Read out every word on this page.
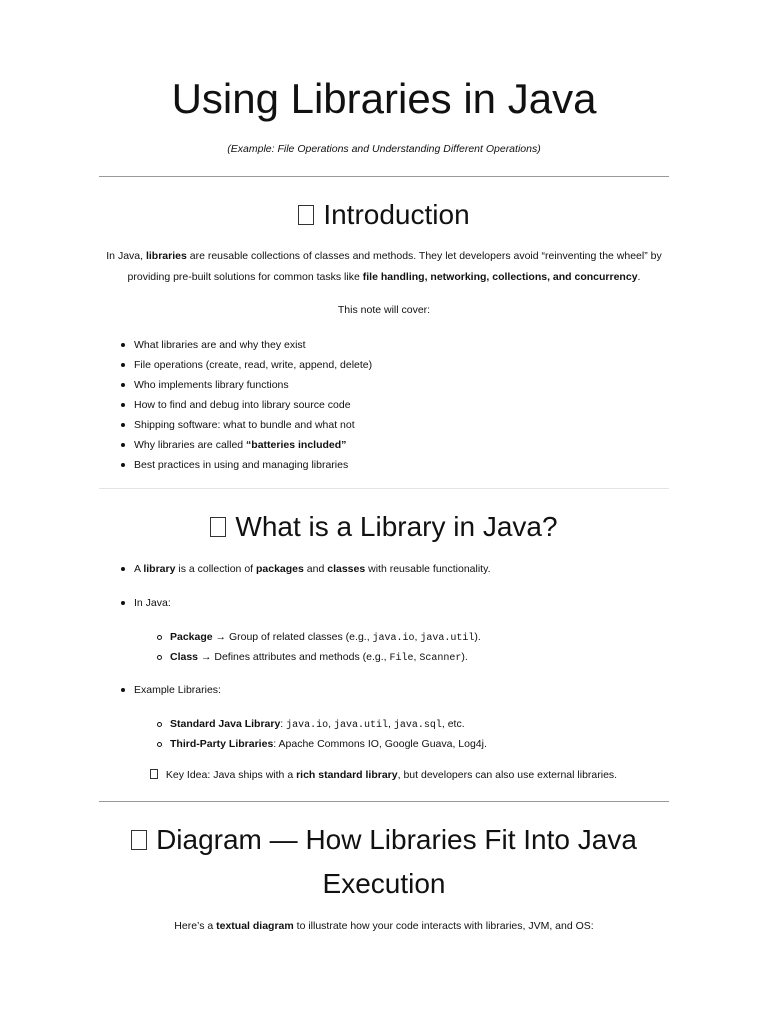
Using Libraries in Java

(Example: File Operations and Understanding Different Operations)

Introduction

In Java, libraries are reusable collections of classes and methods. They let developers avoid “reinventing the wheel” by providing pre-built solutions for common tasks like file handling, networking, collections, and concurrency.

This note will cover:

What libraries are and why they exist
File operations (create, read, write, append, delete)
Who implements library functions
How to find and debug into library source code
Shipping software: what to bundle and what not
Why libraries are called “batteries included”
Best practices in using and managing libraries
What is a Library in Java?
A library is a collection of packages and classes with reusable functionality.
In Java:
Package → Group of related classes (e.g., java.io, java.util).
Class → Defines attributes and methods (e.g., File, Scanner).
Example Libraries:
Standard Java Library: java.io, java.util, java.sql, etc.
Third-Party Libraries: Apache Commons IO, Google Guava, Log4j.

Key Idea: Java ships with a rich standard library, but developers can also use external libraries.

Diagram — How Libraries Fit Into Java Execution

Here’s a textual diagram to illustrate how your code interacts with libraries, JVM, and OS:
